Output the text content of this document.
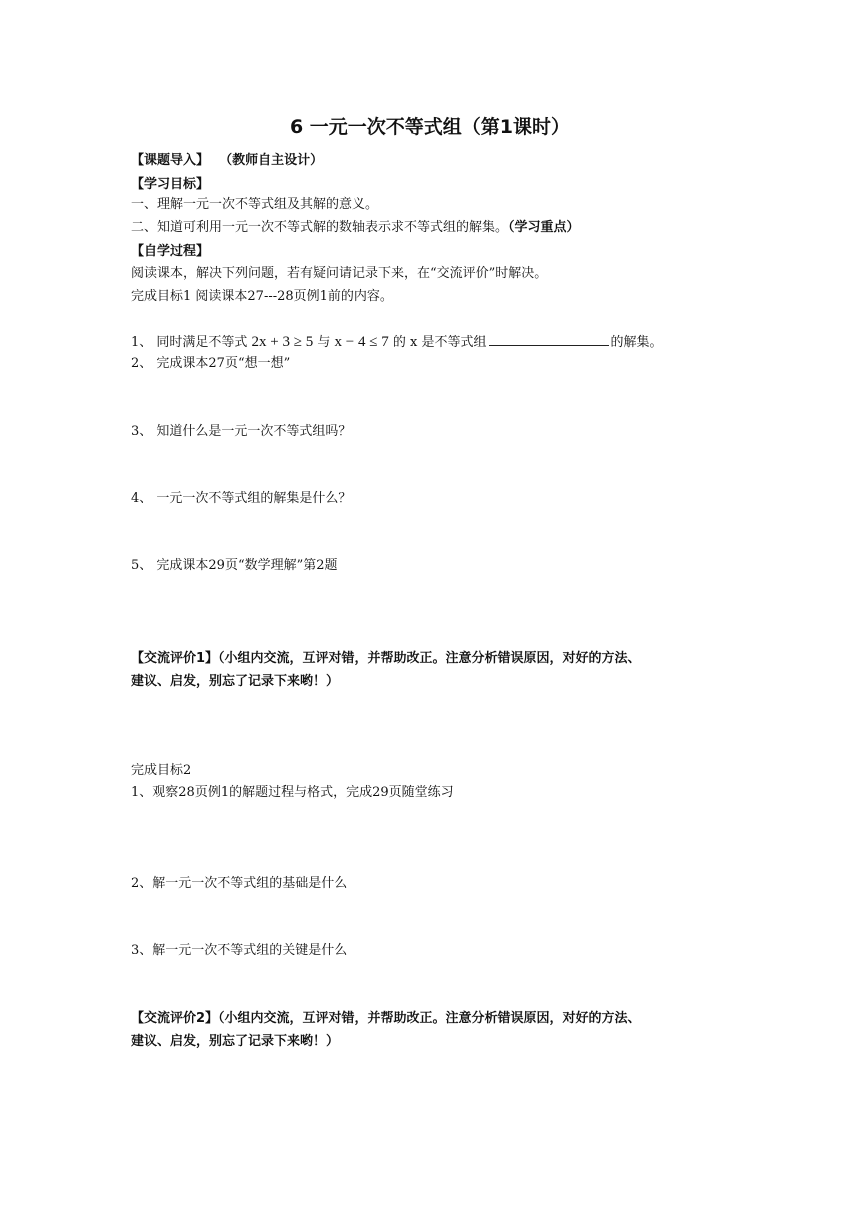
6 一元一次不等式组（第1课时）
【课题导入】 （教师自主设计）
【学习目标】
一、理解一元一次不等式组及其解的意义。
二、知道可利用一元一次不等式解的数轴表示求不等式组的解集。（学习重点）
【自学过程】
阅读课本，解决下列问题，若有疑问请记录下来，在“交流评价”时解决。
完成目标1 阅读课本27---28页例1前的内容。
1、 同时满足不等式 2x + 3 ≥ 5 与 x − 4 ≤ 7 的 x 是不等式组	的解集。
2、 完成课本27页“想一想”
3、 知道什么是一元一次不等式组吗？
4、 一元一次不等式组的解集是什么？
5、 完成课本29页“数学理解”第2题
【交流评价1】（小组内交流，互评对错，并帮助改正。注意分析错误原因，对好的方法、
建议、启发，别忘了记录下来哟！）
完成目标2
1、观察28页例1的解题过程与格式，完成29页随堂练习
2、解一元一次不等式组的基础是什么
3、解一元一次不等式组的关键是什么
【交流评价2】（小组内交流，互评对错，并帮助改正。注意分析错误原因，对好的方法、
建议、启发，别忘了记录下来哟！）
